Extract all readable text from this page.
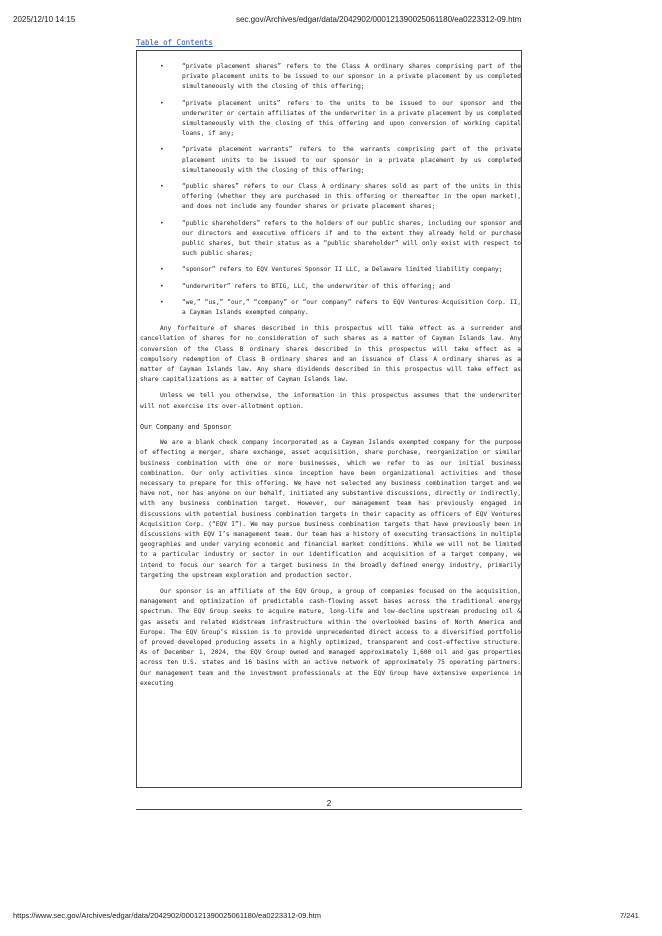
2025/12/10 14:15	sec.gov/Archives/edgar/data/2042902/000121390025061180/ea0223312-09.htm
Table of Contents
•	“private placement shares” refers to the Class A ordinary shares comprising part of the private placement units to be issued to our sponsor in a private placement by us completed simultaneously with the closing of this offering;
•	“private placement units” refers to the units to be issued to our sponsor and the underwriter or certain affiliates of the underwriter in a private placement by us completed simultaneously with the closing of this offering and upon conversion of working capital loans, if any;
•	“private placement warrants” refers to the warrants comprising part of the private placement units to be issued to our sponsor in a private placement by us completed simultaneously with the closing of this offering;
•	“public shares” refers to our Class A ordinary shares sold as part of the units in this offering (whether they are purchased in this offering or thereafter in the open market), and does not include any founder shares or private placement shares;
•	“public shareholders” refers to the holders of our public shares, including our sponsor and our directors and executive officers if and to the extent they already hold or purchase public shares, but their status as a “public shareholder” will only exist with respect to such public shares;
•	“sponsor” refers to EQV Ventures Sponsor II LLC, a Delaware limited liability company;
•	“underwriter” refers to BTIG, LLC, the underwriter of this offering; and
•	“we,” “us,” “our,” “company” or “our company” refers to EQV Ventures Acquisition Corp. II, a Cayman Islands exempted company.

Any forfeiture of shares described in this prospectus will take effect as a surrender and cancellation of shares for no consideration of such shares as a matter of Cayman Islands law. Any conversion of the Class B ordinary shares described in this prospectus will take effect as a compulsory redemption of Class B ordinary shares and an issuance of Class A ordinary shares as a matter of Cayman Islands law. Any share dividends described in this prospectus will take effect as share capitalizations as a matter of Cayman Islands law.

Unless we tell you otherwise, the information in this prospectus assumes that the underwriter will not exercise its over-allotment option.

Our Company and Sponsor

We are a blank check company incorporated as a Cayman Islands exempted company for the purpose of effecting a merger, share exchange, asset acquisition, share purchase, reorganization or similar business combination with one or more businesses, which we refer to as our initial business combination. Our only activities since inception have been organizational activities and those necessary to prepare for this offering. We have not selected any business combination target and we have not, nor has anyone on our behalf, initiated any substantive discussions, directly or indirectly, with any business combination target. However, our management team has previously engaged in discussions with potential business combination targets in their capacity as officers of EQV Ventures Acquisition Corp. (“EQV I”). We may pursue business combination targets that have previously been in discussions with EQV I’s management team. Our team has a history of executing transactions in multiple geographies and under varying economic and financial market conditions. While we will not be limited to a particular industry or sector in our identification and acquisition of a target company, we intend to focus our search for a target business in the broadly defined energy industry, primarily targeting the upstream exploration and production sector.

Our sponsor is an affiliate of the EQV Group, a group of companies focused on the acquisition, management and optimization of predictable cash-flowing asset bases across the traditional energy spectrum. The EQV Group seeks to acquire mature, long-life and low-decline upstream producing oil & gas assets and related midstream infrastructure within the overlooked basins of North America and Europe. The EQV Group’s mission is to provide unprecedented direct access to a diversified portfolio of proved developed producing assets in a highly optimized, transparent and cost-effective structure. As of December 1, 2024, the EQV Group owned and managed approximately 1,600 oil and gas properties across ten U.S. states and 16 basins with an active network of approximately 75 operating partners. Our management team and the investment professionals at the EQV Group have extensive experience in executing

2
https://www.sec.gov/Archives/edgar/data/2042902/000121390025061180/ea0223312-09.htm	7/241
